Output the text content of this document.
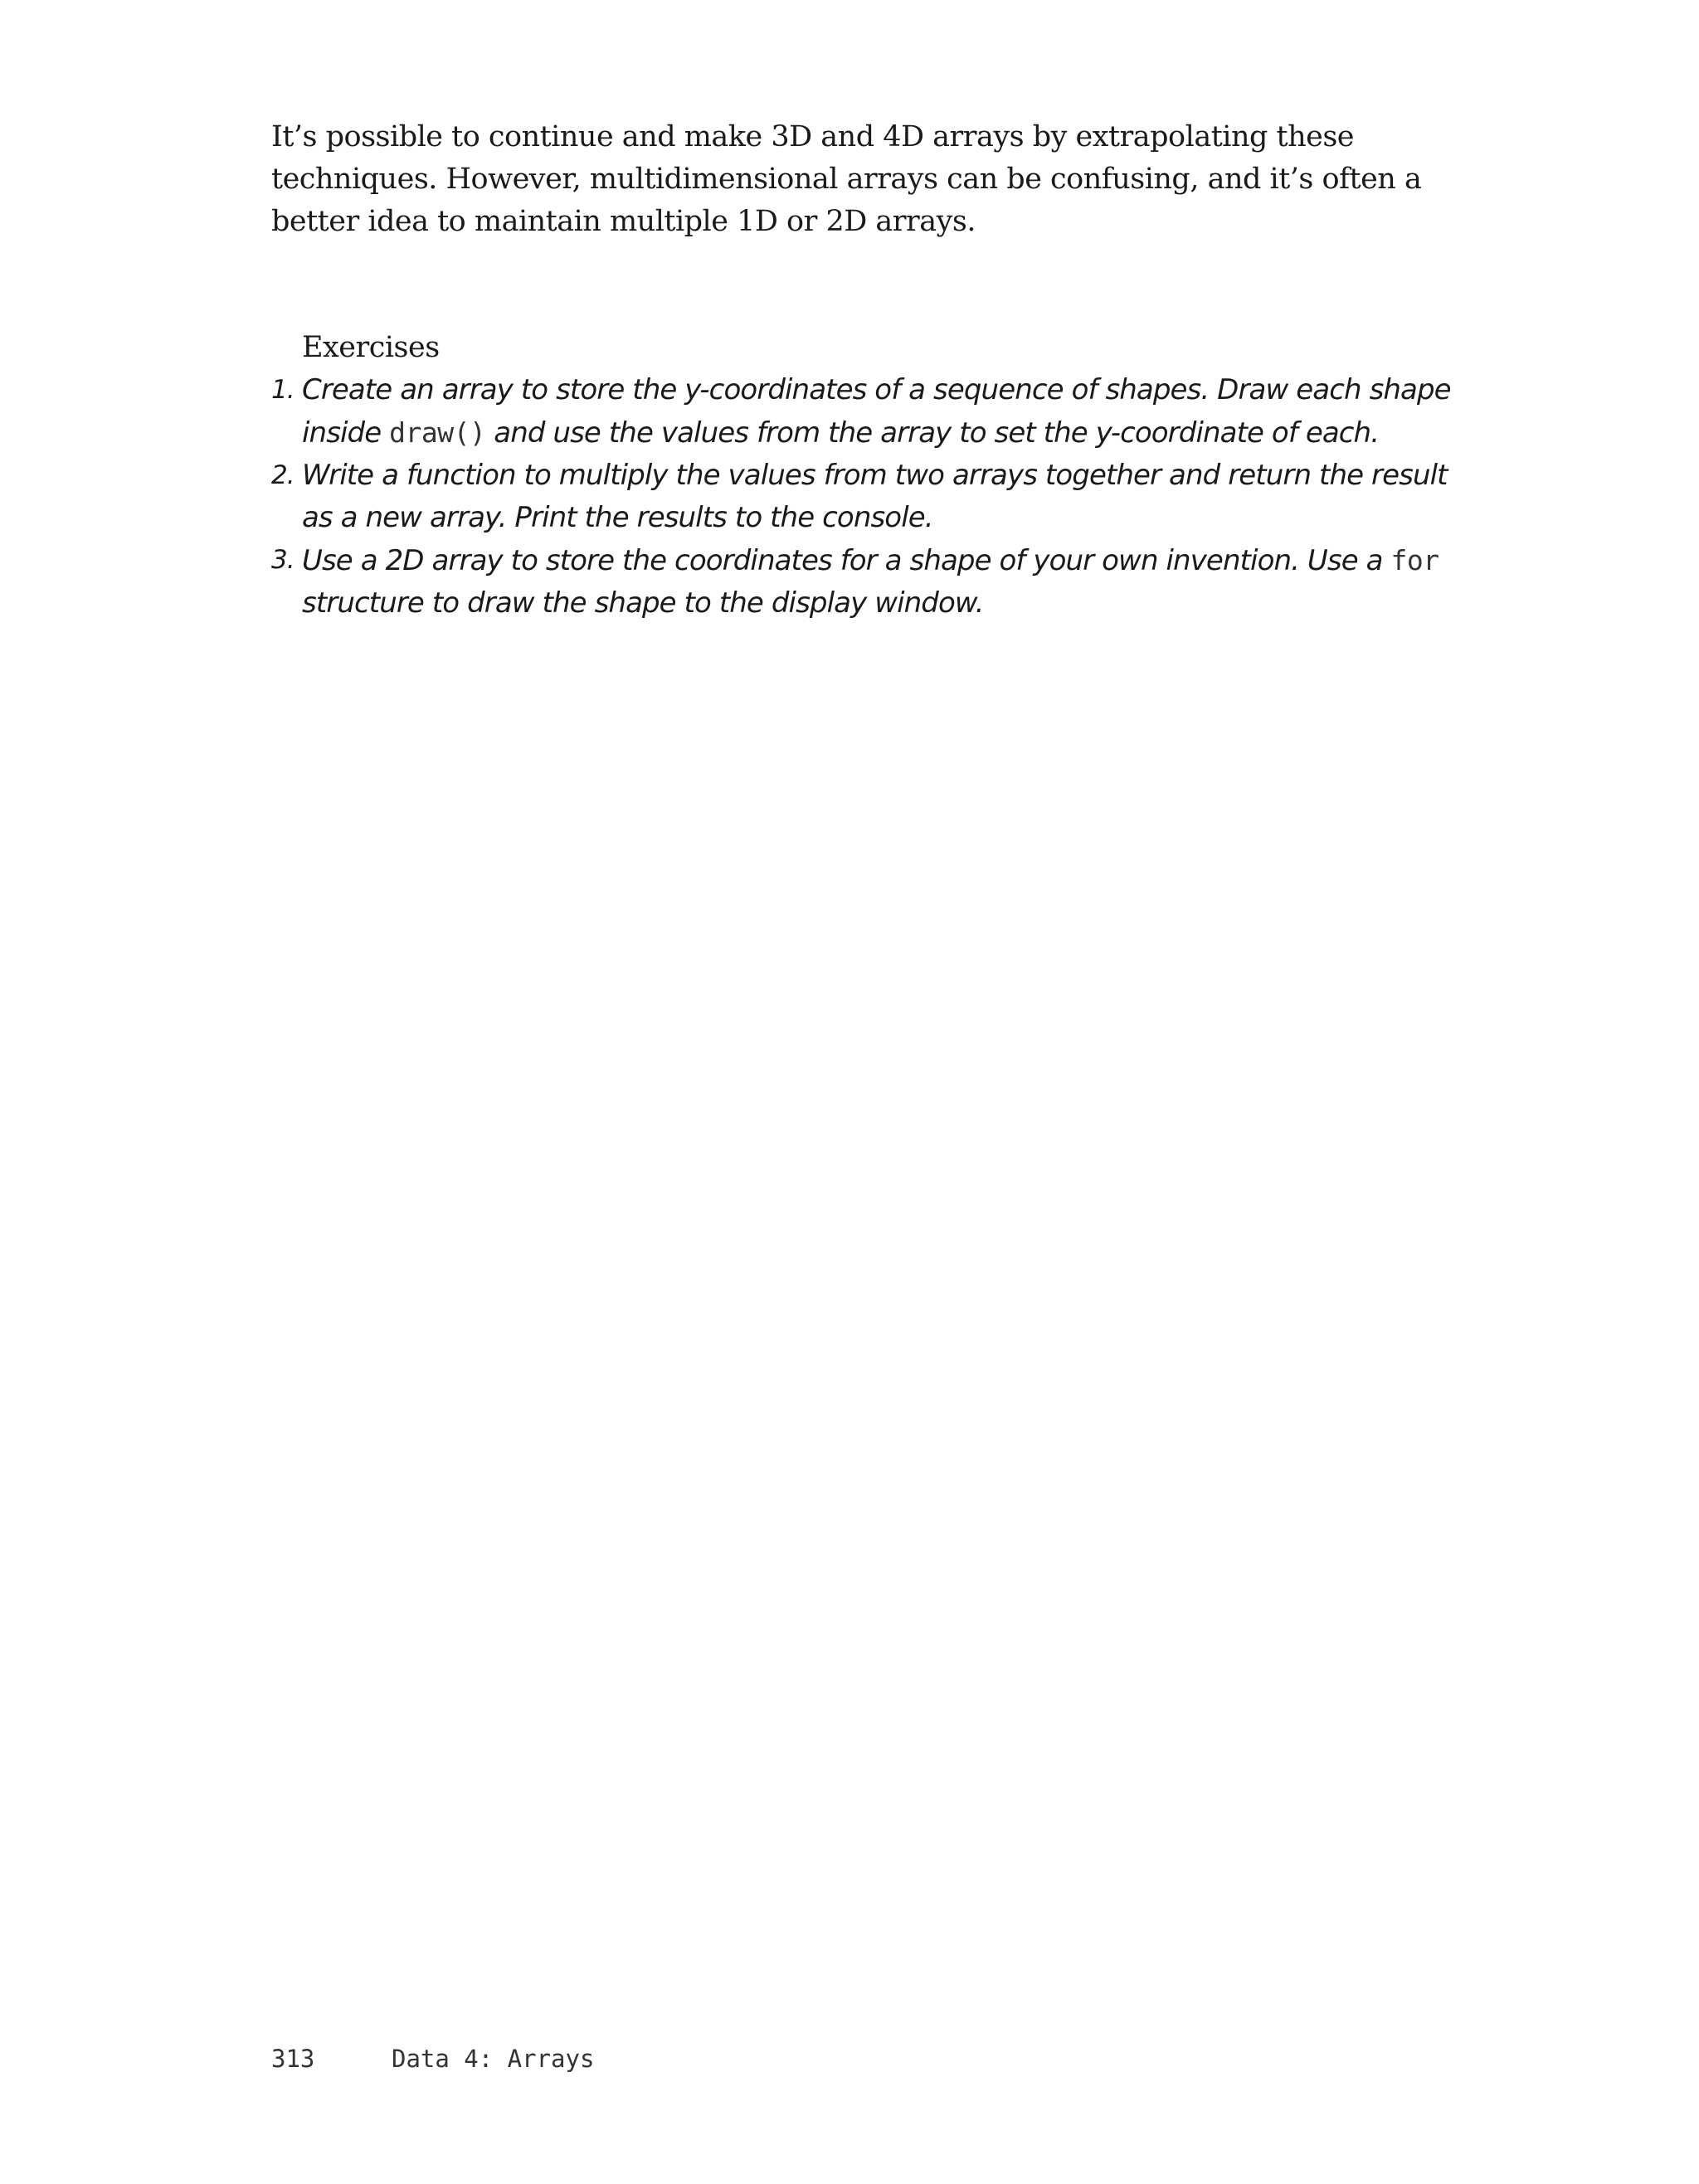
It’s possible to continue and make 3D and 4D arrays by extrapolating these techniques. However, multidimensional arrays can be confusing, and it’s often a better idea to maintain multiple 1D or 2D arrays.

Exercises
1. Create an array to store the y-coordinates of a sequence of shapes. Draw each shape inside draw() and use the values from the array to set the y-coordinate of each.
2. Write a function to multiply the values from two arrays together and return the result as a new array. Print the results to the console.
3. Use a 2D array to store the coordinates for a shape of your own invention. Use a for structure to draw the shape to the display window.
313	Data 4: Arrays
